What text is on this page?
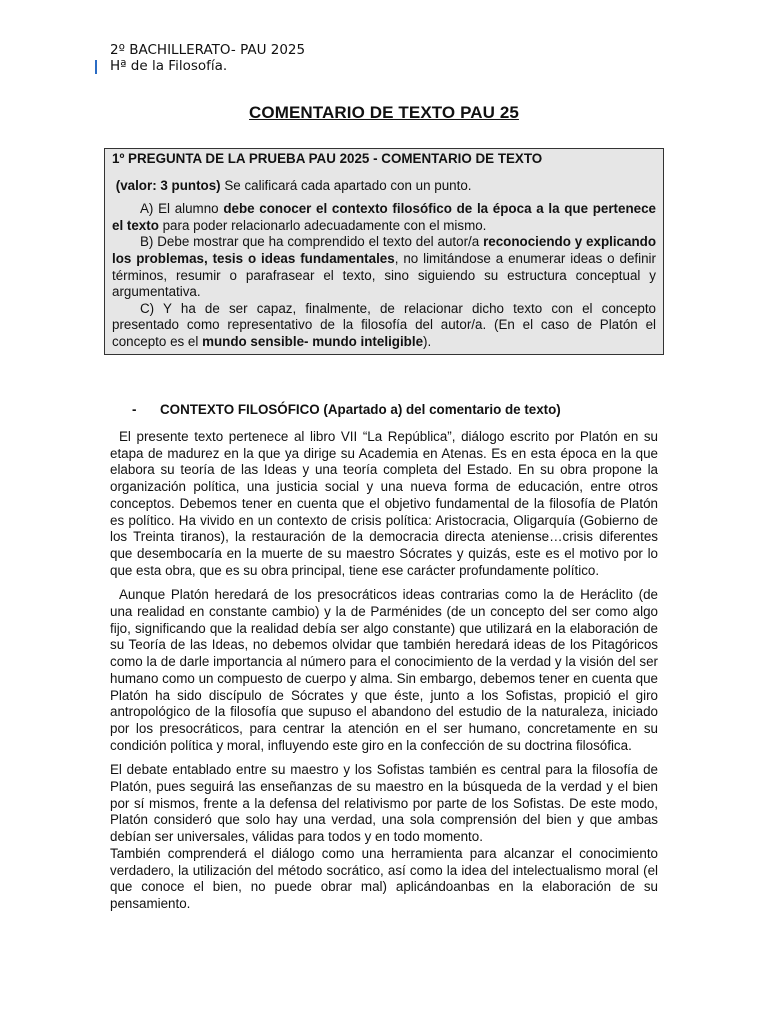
2º BACHILLERATO- PAU 2025
Hª de la Filosofía.
COMENTARIO DE TEXTO PAU 25

1º PREGUNTA DE LA PRUEBA PAU 2025 - COMENTARIO DE TEXTO

(valor: 3 puntos) Se calificará cada apartado con un punto.

A) El alumno debe conocer el contexto filosófico de la época a la que pertenece el texto para poder relacionarlo adecuadamente con el mismo.

B) Debe mostrar que ha comprendido el texto del autor/a reconociendo y explicando los problemas, tesis o ideas fundamentales, no limitándose a enumerar ideas o definir términos, resumir o parafrasear el texto, sino siguiendo su estructura conceptual y argumentativa.

C) Y ha de ser capaz, finalmente, de relacionar dicho texto con el concepto presentado como representativo de la filosofía del autor/a. (En el caso de Platón el concepto es el mundo sensible- mundo inteligible).

- CONTEXTO FILOSÓFICO (Apartado a) del comentario de texto)

El presente texto pertenece al libro VII “La República”, diálogo escrito por Platón en su etapa de madurez en la que ya dirige su Academia en Atenas. Es en esta época en la que elabora su teoría de las Ideas y una teoría completa del Estado. En su obra propone la organización política, una justicia social y una nueva forma de educación, entre otros conceptos. Debemos tener en cuenta que el objetivo fundamental de la filosofía de Platón es político. Ha vivido en un contexto de crisis política: Aristocracia, Oligarquía (Gobierno de los Treinta tiranos), la restauración de la democracia directa ateniense…crisis diferentes que desembocaría en la muerte de su maestro Sócrates y quizás, este es el motivo por lo que esta obra, que es su obra principal, tiene ese carácter profundamente político.

Aunque Platón heredará de los presocráticos ideas contrarias como la de Heráclito (de una realidad en constante cambio) y la de Parménides (de un concepto del ser como algo fijo, significando que la realidad debía ser algo constante) que utilizará en la elaboración de su Teoría de las Ideas, no debemos olvidar que también heredará ideas de los Pitagóricos como la de darle importancia al número para el conocimiento de la verdad y la visión del ser humano como un compuesto de cuerpo y alma. Sin embargo, debemos tener en cuenta que Platón ha sido discípulo de Sócrates y que éste, junto a los Sofistas, propició el giro antropológico de la filosofía que supuso el abandono del estudio de la naturaleza, iniciado por los presocráticos, para centrar la atención en el ser humano, concretamente en su condición política y moral, influyendo este giro en la confección de su doctrina filosófica.

El debate entablado entre su maestro y los Sofistas también es central para la filosofía de Platón, pues seguirá las enseñanzas de su maestro en la búsqueda de la verdad y el bien por sí mismos, frente a la defensa del relativismo por parte de los Sofistas. De este modo, Platón consideró que solo hay una verdad, una sola comprensión del bien y que ambas debían ser universales, válidas para todos y en todo momento.

También comprenderá el diálogo como una herramienta para alcanzar el conocimiento verdadero, la utilización del método socrático, así como la idea del intelectualismo moral (el que conoce el bien, no puede obrar mal) aplicándoanbas en la elaboración de su pensamiento.
